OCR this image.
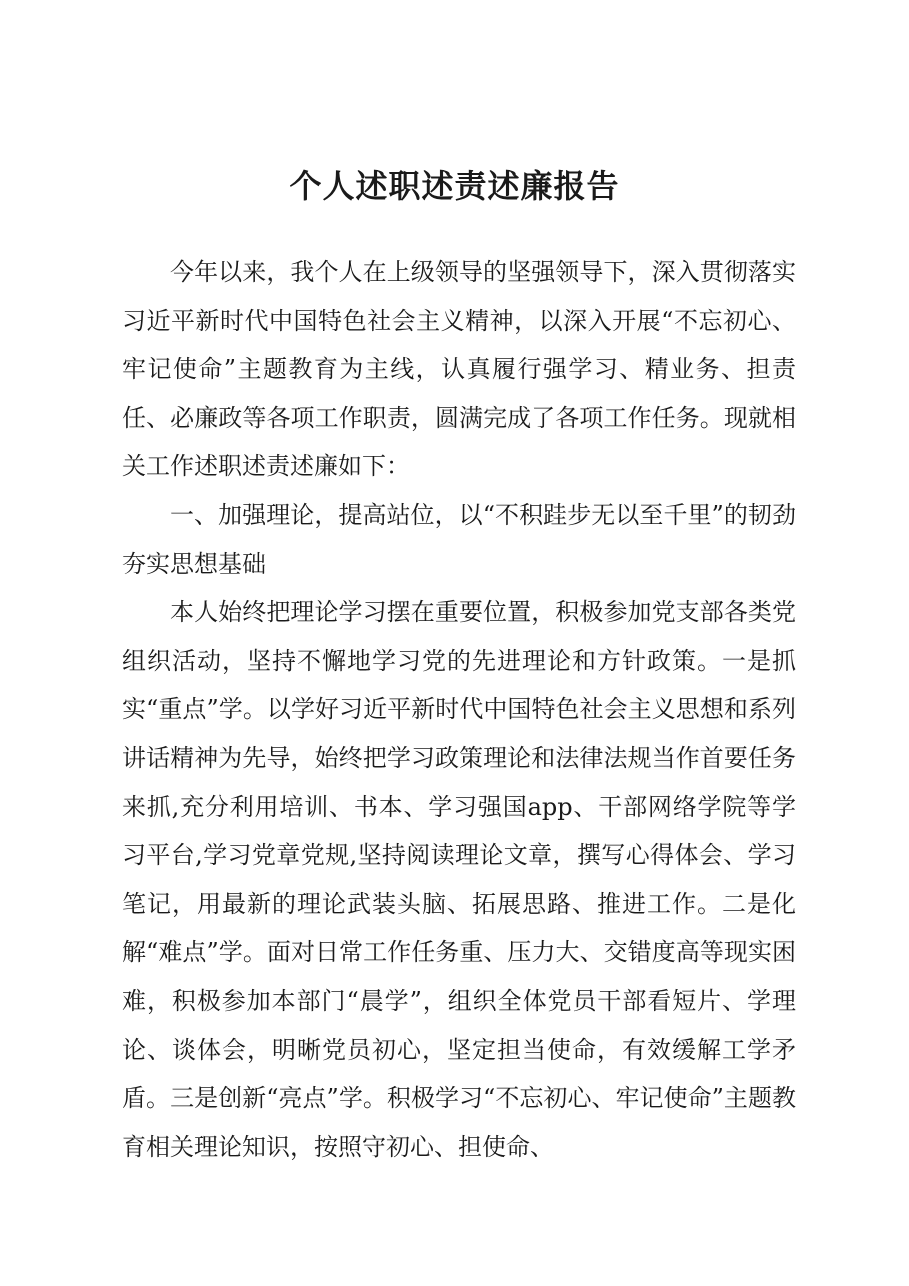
个人述职述责述廉报告

今年以来，我个人在上级领导的坚强领导下，深入贯彻落实习近平新时代中国特色社会主义精神，以深入开展“不忘初心、牢记使命”主题教育为主线，认真履行强学习、精业务、担责任、必廉政等各项工作职责，圆满完成了各项工作任务。现就相关工作述职述责述廉如下：

一、加强理论，提高站位，以“不积跬步无以至千里”的韧劲夯实思想基础

本人始终把理论学习摆在重要位置，积极参加党支部各类党组织活动，坚持不懈地学习党的先进理论和方针政策。一是抓实“重点”学。以学好习近平新时代中国特色社会主义思想和系列讲话精神为先导，始终把学习政策理论和法律法规当作首要任务来抓,充分利用培训、书本、学习强国app、干部网络学院等学习平台,学习党章党规,坚持阅读理论文章，撰写心得体会、学习笔记，用最新的理论武装头脑、拓展思路、推进工作。二是化解“难点”学。面对日常工作任务重、压力大、交错度高等现实困难，积极参加本部门“晨学”，组织全体党员干部看短片、学理论、谈体会，明晰党员初心，坚定担当使命，有效缓解工学矛盾。三是创新“亮点”学。积极学习“不忘初心、牢记使命”主题教育相关理论知识，按照守初心、担使命、
